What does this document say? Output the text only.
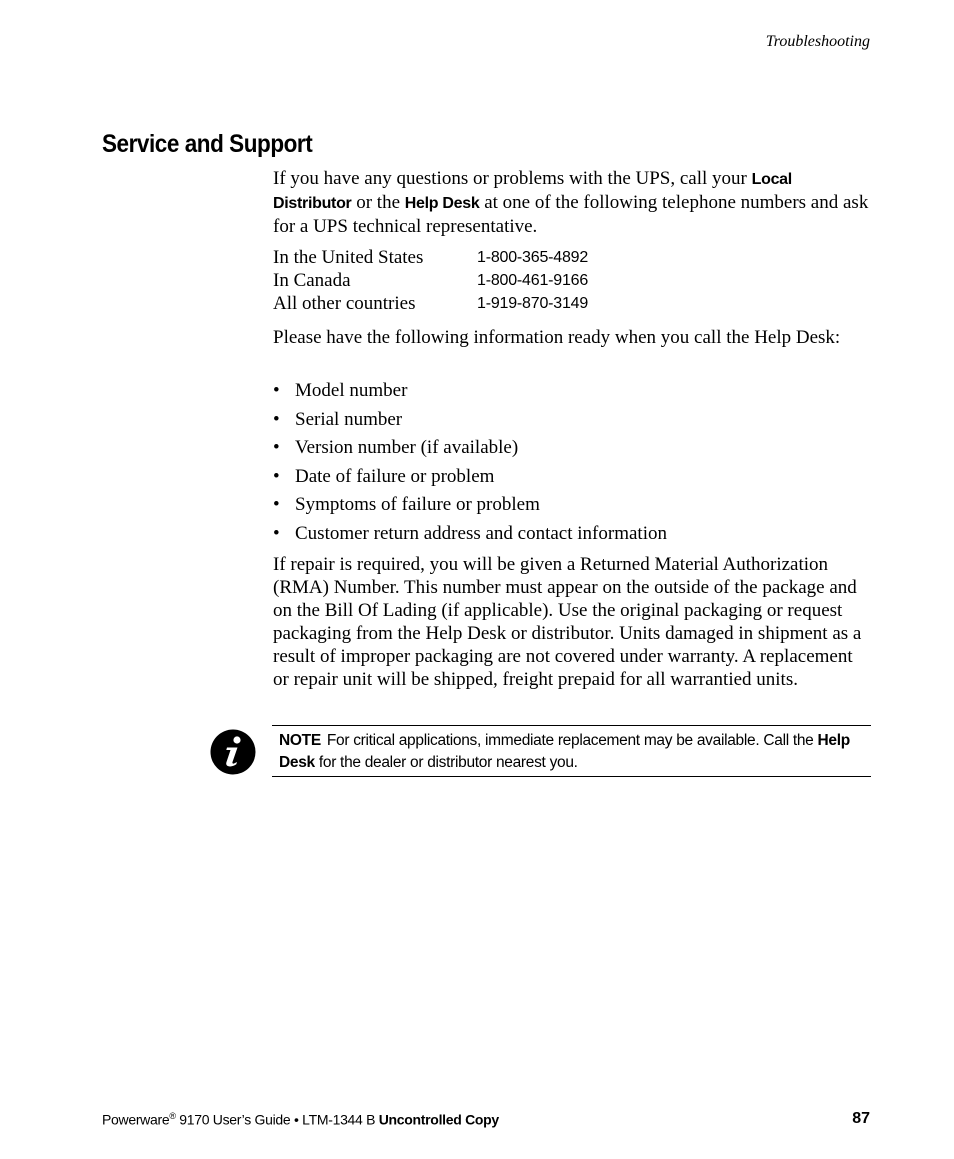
Troubleshooting
Service and Support

If you have any questions or problems with the UPS, call your Local Distributor or the Help Desk at one of the following telephone numbers and ask for a UPS technical representative.

In the United States	1-800-365-4892
In Canada	1-800-461-9166
All other countries	1-919-870-3149

Please have the following information ready when you call the Help Desk:

• Model number
• Serial number
• Version number (if available)
• Date of failure or problem
• Symptoms of failure or problem
• Customer return address and contact information

If repair is required, you will be given a Returned Material Authorization (RMA) Number. This number must appear on the outside of the package and on the Bill Of Lading (if applicable). Use the original packaging or request packaging from the Help Desk or distributor. Units damaged in shipment as a result of improper packaging are not covered under warranty. A replacement or repair unit will be shipped, freight prepaid for all warrantied units.

NOTE For critical applications, immediate replacement may be available. Call the Help Desk for the dealer or distributor nearest you.
Powerware® 9170 User’s Guide • LTM-1344 B Uncontrolled Copy	87
